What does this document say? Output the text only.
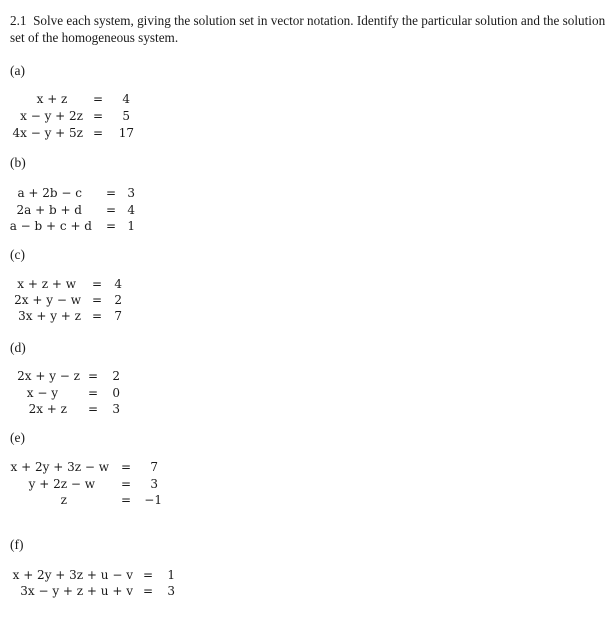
2.1 Solve each system, giving the solution set in vector notation. Identify the particular solution and the solution set of the homogeneous system.
(a)
x + z	=	4
x − y + 2z =	5
4x − y + 5z =	17
(b)
a + 2b − c = 3
2a + b + d = 4
a − b + c + d = 1
(c)
x + z + w =	4
2x + y − w =	2
3x + y + z =	7
(d)
2x + y − z =	2
x − y =	0
2x + z =	3
(e)
x + 2y + 3z − w =	7
y + 2z − w =	3
z	=	−1
(f)
x + 2y + 3z + u − v =	1
3x − y + z + u + v =	3
